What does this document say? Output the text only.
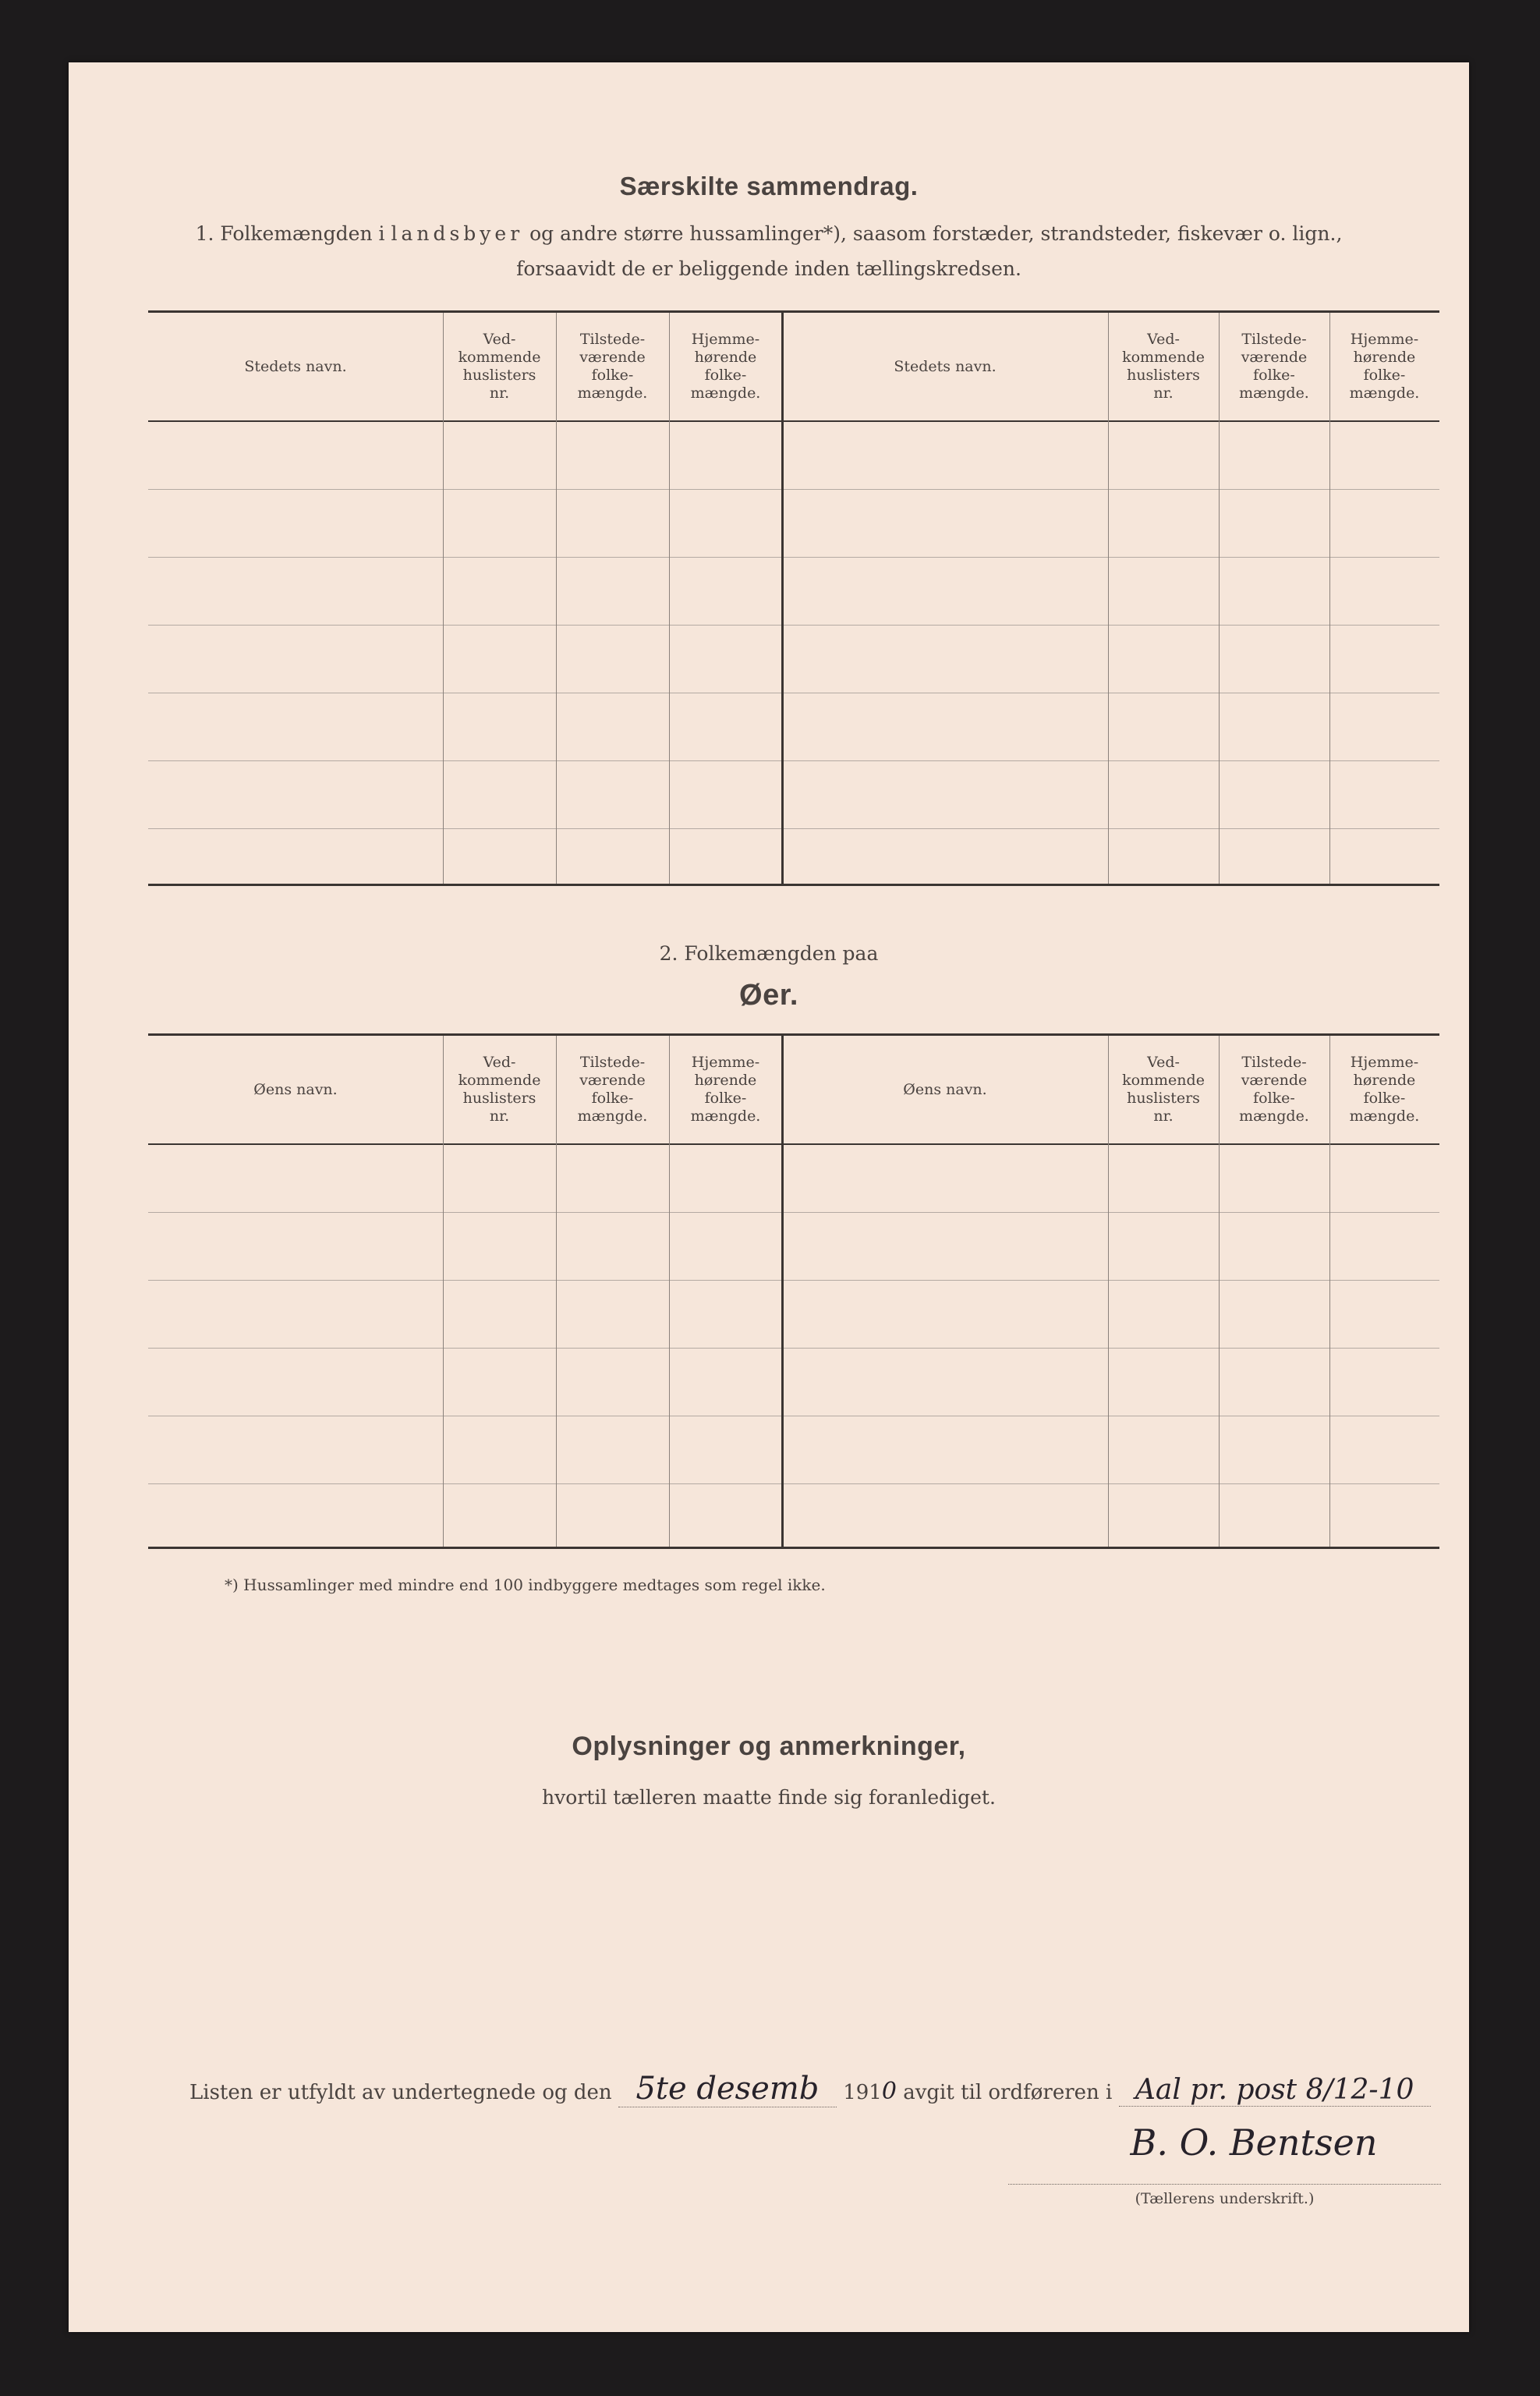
Særskilte sammendrag.
1. Folkemængden i landsbyer og andre større hussamlinger*), saasom forstæder, strandsteder, fiskevær o. lign.,
forsaavidt de er beliggende inden tællingskredsen.
Stedets navn.
Ved-
kommende
huslisters
nr.
Tilstede-
værende
folke-
mængde.
Hjemme-
hørende
folke-
mængde.
Stedets navn.
Ved-
kommende
huslisters
nr.
Tilstede-
værende
folke-
mængde.
Hjemme-
hørende
folke-
mængde.
2. Folkemængden paa
Øer.
Øens navn.
Ved-
kommende
huslisters
nr.
Tilstede-
værende
folke-
mængde.
Hjemme-
hørende
folke-
mængde.
Øens navn.
Ved-
kommende
huslisters
nr.
Tilstede-
værende
folke-
mængde.
Hjemme-
hørende
folke-
mængde.
*) Hussamlinger med mindre end 100 indbyggere medtages som regel ikke.
Oplysninger og anmerkninger,
hvortil tælleren maatte finde sig foranlediget.
Listen er utfyldt av undertegnede og den 5te desemb 1910 avgit til ordføreren i Aal pr. post 8/12-10
B. O. Bentsen
(Tællerens underskrift.)
